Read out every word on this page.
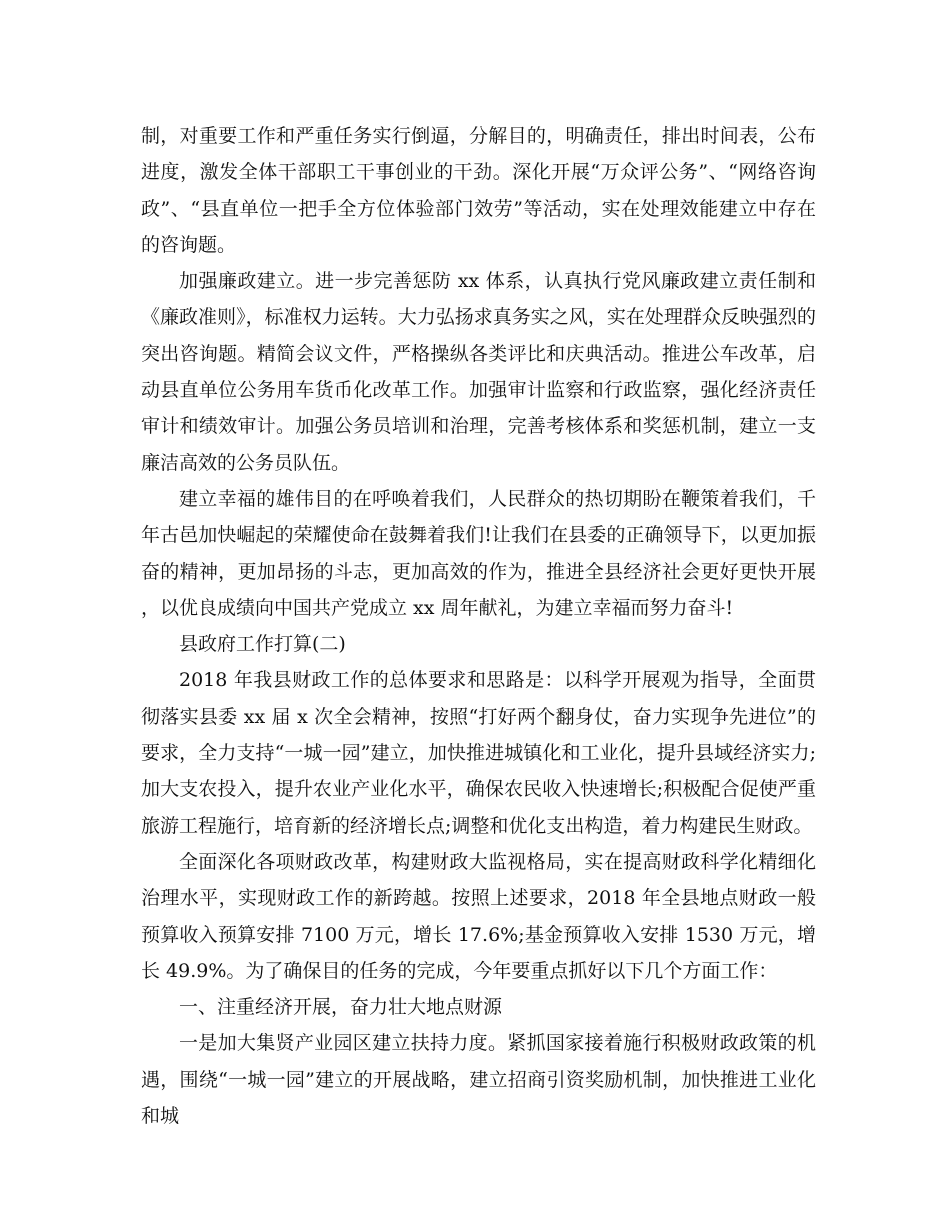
制，对重要工作和严重任务实行倒逼，分解目的，明确责任，排出时间表，公布进度，激发全体干部职工干事创业的干劲。深化开展“万众评公务”、“网络咨询政”、“县直单位一把手全方位体验部门效劳”等活动，实在处理效能建立中存在的咨询题。

加强廉政建立。进一步完善惩防 xx 体系，认真执行党风廉政建立责任制和《廉政准则》，标准权力运转。大力弘扬求真务实之风，实在处理群众反映强烈的突出咨询题。精简会议文件，严格操纵各类评比和庆典活动。推进公车改革，启动县直单位公务用车货币化改革工作。加强审计监察和行政监察，强化经济责任审计和绩效审计。加强公务员培训和治理，完善考核体系和奖惩机制，建立一支廉洁高效的公务员队伍。

建立幸福的雄伟目的在呼唤着我们，人民群众的热切期盼在鞭策着我们，千年古邑加快崛起的荣耀使命在鼓舞着我们!让我们在县委的正确领导下，以更加振奋的精神，更加昂扬的斗志，更加高效的作为，推进全县经济社会更好更快开展，以优良成绩向中国共产党成立 xx 周年献礼，为建立幸福而努力奋斗!

县政府工作打算(二)

2018 年我县财政工作的总体要求和思路是：以科学开展观为指导，全面贯彻落实县委 xx 届 x 次全会精神，按照“打好两个翻身仗，奋力实现争先进位”的要求，全力支持“一城一园”建立，加快推进城镇化和工业化，提升县域经济实力;加大支农投入，提升农业产业化水平，确保农民收入快速增长;积极配合促使严重旅游工程施行，培育新的经济增长点;调整和优化支出构造，着力构建民生财政。

全面深化各项财政改革，构建财政大监视格局，实在提高财政科学化精细化治理水平，实现财政工作的新跨越。按照上述要求，2018 年全县地点财政一般预算收入预算安排 7100 万元，增长 17.6%;基金预算收入安排 1530 万元，增长 49.9%。为了确保目的任务的完成，今年要重点抓好以下几个方面工作：

一、注重经济开展，奋力壮大地点财源

一是加大集贤产业园区建立扶持力度。紧抓国家接着施行积极财政政策的机遇，围绕“一城一园”建立的开展战略，建立招商引资奖励机制，加快推进工业化和城
